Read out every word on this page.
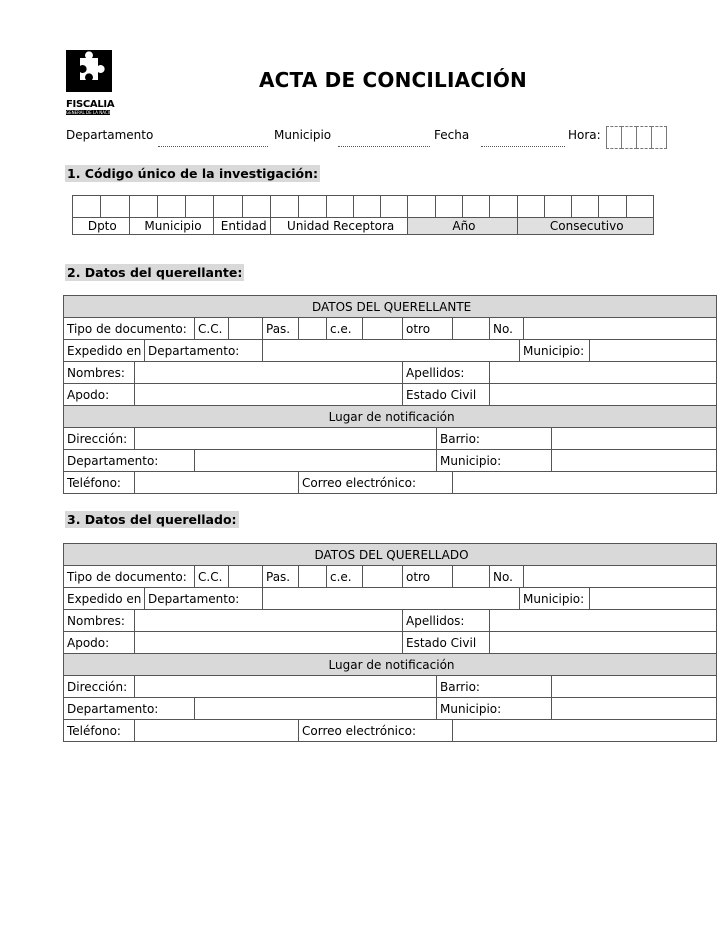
FISCALIA
GENERAL DE LA NACION
ACTA DE CONCILIACIÓN
Departamento	Municipio	Fecha	Hora:
1. Código único de la investigación:

Dpto		Municipio			Entidad		Unidad Receptora					Año				Consecutivo				
2. Datos del querellante:
DATOS DEL QUERELLANTE																
Tipo de documento:			C.C.		Pas.		c.e.		otro			No.				
Expedido en		Departamento:											Municipio:			
Nombres:									Apellidos:							
Apodo:									Estado Civil							
Lugar de notificación																
Dirección:										Barrio:						
Departamento:										Municipio:						
Teléfono:						Correo electrónico:										
3. Datos del querellado:
DATOS DEL QUERELLADO																
Tipo de documento:			C.C.		Pas.		c.e.		otro			No.				
Expedido en		Departamento:											Municipio:			
Nombres:									Apellidos:							
Apodo:									Estado Civil							
Lugar de notificación																
Dirección:										Barrio:						
Departamento:										Municipio:						
Teléfono:						Correo electrónico:										
